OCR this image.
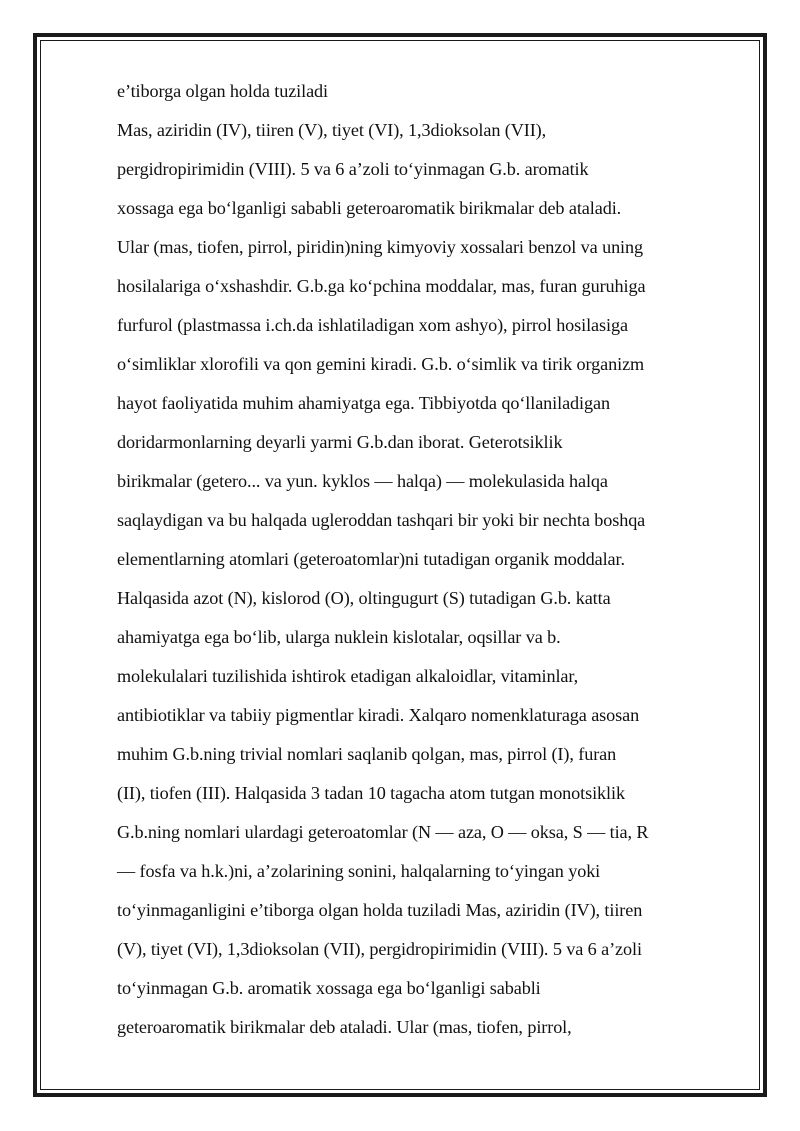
e’tiborga olgan holda tuziladi
Mas, aziridin (IV), tiiren (V), tiyet (VI), 1,3dioksolan (VII),
pergidropirimidin (VIII). 5 va 6 a’zoli to‘yinmagan G.b. aromatik
xossaga ega bo‘lganligi sababli geteroaromatik birikmalar deb ataladi.
Ular (mas, tiofen, pirrol, piridin)ning kimyoviy xossalari benzol va uning
hosilalariga o‘xshashdir. G.b.ga ko‘pchina moddalar, mas, furan guruhiga
furfurol (plastmassa i.ch.da ishlatiladigan xom ashyo), pirrol hosilasiga
o‘simliklar xlorofili va qon gemini kiradi. G.b. o‘simlik va tirik organizm
hayot faoliyatida muhim ahamiyatga ega. Tibbiyotda qo‘llaniladigan
doridarmonlarning deyarli yarmi G.b.dan iborat. Geterotsiklik
birikmalar (getero... va yun. kyklos — halqa) — molekulasida halqa
saqlaydigan va bu halqada ugleroddan tashqari bir yoki bir nechta boshqa
elementlarning atomlari (geteroatomlar)ni tutadigan organik moddalar.
Halqasida azot (N), kislorod (O), oltingugurt (S) tutadigan G.b. katta
ahamiyatga ega bo‘lib, ularga nuklein kislotalar, oqsillar va b.
molekulalari tuzilishida ishtirok etadigan alkaloidlar, vitaminlar,
antibiotiklar va tabiiy pigmentlar kiradi. Xalqaro nomenklaturaga asosan
muhim G.b.ning trivial nomlari saqlanib qolgan, mas, pirrol (I), furan
(II), tiofen (III). Halqasida 3 tadan 10 tagacha atom tutgan monotsiklik
G.b.ning nomlari ulardagi geteroatomlar (N — aza, O — oksa, S — tia, R
— fosfa va h.k.)ni, a’zolarining sonini, halqalarning to‘yingan yoki
to‘yinmaganligini e’tiborga olgan holda tuziladi Mas, aziridin (IV), tiiren
(V), tiyet (VI), 1,3dioksolan (VII), pergidropirimidin (VIII). 5 va 6 a’zoli
to‘yinmagan G.b. aromatik xossaga ega bo‘lganligi sababli
geteroaromatik birikmalar deb ataladi. Ular (mas, tiofen, pirrol,
